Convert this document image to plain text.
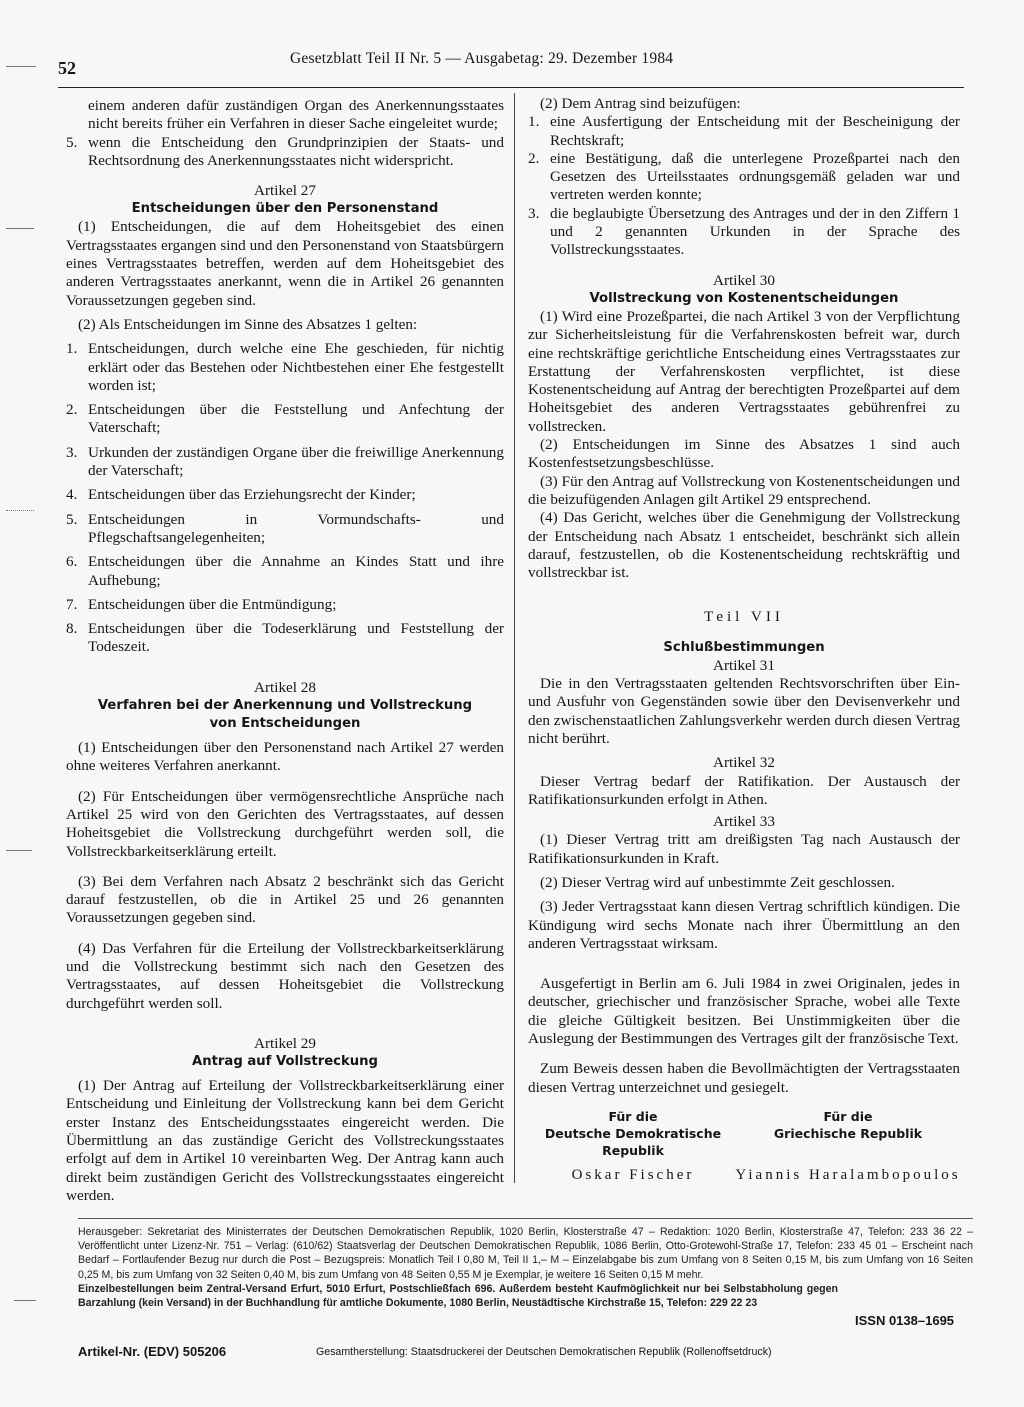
52	Gesetzblatt Teil II Nr. 5 — Ausgabetag: 29. Dezember 1984

einem anderen dafür zuständigen Organ des Anerkennungsstaates nicht bereits früher ein Verfahren in dieser Sache eingeleitet wurde;

5. wenn die Entscheidung den Grundprinzipien der Staats- und Rechtsordnung des Anerkennungsstaates nicht widerspricht.
Artikel 27
Entscheidungen über den Personenstand

(1) Entscheidungen, die auf dem Hoheitsgebiet des einen Vertragsstaates ergangen sind und den Personenstand von Staatsbürgern eines Vertragsstaates betreffen, werden auf dem Hoheitsgebiet des anderen Vertragsstaates anerkannt, wenn die in Artikel 26 genannten Voraussetzungen gegeben sind.

(2) Als Entscheidungen im Sinne des Absatzes 1 gelten:

1. Entscheidungen, durch welche eine Ehe geschieden, für nichtig erklärt oder das Bestehen oder Nichtbestehen einer Ehe festgestellt worden ist;
2. Entscheidungen über die Feststellung und Anfechtung der Vaterschaft;
3. Urkunden der zuständigen Organe über die freiwillige Anerkennung der Vaterschaft;
4. Entscheidungen über das Erziehungsrecht der Kinder;
5. Entscheidungen in Vormundschafts- und Pflegschaftsangelegenheiten;
6. Entscheidungen über die Annahme an Kindes Statt und ihre Aufhebung;
7. Entscheidungen über die Entmündigung;
8. Entscheidungen über die Todeserklärung und Feststellung der Todeszeit.
Artikel 28
Verfahren bei der Anerkennung und Vollstreckung
von Entscheidungen

(1) Entscheidungen über den Personenstand nach Artikel 27 werden ohne weiteres Verfahren anerkannt.

(2) Für Entscheidungen über vermögensrechtliche Ansprüche nach Artikel 25 wird von den Gerichten des Vertragsstaates, auf dessen Hoheitsgebiet die Vollstreckung durchgeführt werden soll, die Vollstreckbarkeitserklärung erteilt.

(3) Bei dem Verfahren nach Absatz 2 beschränkt sich das Gericht darauf festzustellen, ob die in Artikel 25 und 26 genannten Voraussetzungen gegeben sind.

(4) Das Verfahren für die Erteilung der Vollstreckbarkeitserklärung und die Vollstreckung bestimmt sich nach den Gesetzen des Vertragsstaates, auf dessen Hoheitsgebiet die Vollstreckung durchgeführt werden soll.

Artikel 29
Antrag auf Vollstreckung

(1) Der Antrag auf Erteilung der Vollstreckbarkeitserklärung einer Entscheidung und Einleitung der Vollstreckung kann bei dem Gericht erster Instanz des Entscheidungsstaates eingereicht werden. Die Übermittlung an das zuständige Gericht des Vollstreckungsstaates erfolgt auf dem in Artikel 10 vereinbarten Weg. Der Antrag kann auch direkt beim zuständigen Gericht des Vollstreckungsstaates eingereicht werden.

(2) Dem Antrag sind beizufügen:

1. eine Ausfertigung der Entscheidung mit der Bescheinigung der Rechtskraft;
2. eine Bestätigung, daß die unterlegene Prozeßpartei nach den Gesetzen des Urteilsstaates ordnungsgemäß geladen war und vertreten werden konnte;
3. die beglaubigte Übersetzung des Antrages und der in den Ziffern 1 und 2 genannten Urkunden in der Sprache des Vollstreckungsstaates.
Artikel 30
Vollstreckung von Kostenentscheidungen

(1) Wird eine Prozeßpartei, die nach Artikel 3 von der Verpflichtung zur Sicherheitsleistung für die Verfahrenskosten befreit war, durch eine rechtskräftige gerichtliche Entscheidung eines Vertragsstaates zur Erstattung der Verfahrenskosten verpflichtet, ist diese Kostenentscheidung auf Antrag der berechtigten Prozeßpartei auf dem Hoheitsgebiet des anderen Vertragsstaates gebührenfrei zu vollstrecken.

(2) Entscheidungen im Sinne des Absatzes 1 sind auch Kostenfestsetzungsbeschlüsse.

(3) Für den Antrag auf Vollstreckung von Kostenentscheidungen und die beizufügenden Anlagen gilt Artikel 29 entsprechend.

(4) Das Gericht, welches über die Genehmigung der Vollstreckung der Entscheidung nach Absatz 1 entscheidet, beschränkt sich allein darauf, festzustellen, ob die Kostenentscheidung rechtskräftig und vollstreckbar ist.

Teil VII
Schlußbestimmungen
Artikel 31

Die in den Vertragsstaaten geltenden Rechtsvorschriften über Ein- und Ausfuhr von Gegenständen sowie über den Devisenverkehr und den zwischenstaatlichen Zahlungsverkehr werden durch diesen Vertrag nicht berührt.

Artikel 32

Dieser Vertrag bedarf der Ratifikation. Der Austausch der Ratifikationsurkunden erfolgt in Athen.

Artikel 33

(1) Dieser Vertrag tritt am dreißigsten Tag nach Austausch der Ratifikationsurkunden in Kraft.

(2) Dieser Vertrag wird auf unbestimmte Zeit geschlossen.

(3) Jeder Vertragsstaat kann diesen Vertrag schriftlich kündigen. Die Kündigung wird sechs Monate nach ihrer Übermittlung an den anderen Vertragsstaat wirksam.

Ausgefertigt in Berlin am 6. Juli 1984 in zwei Originalen, jedes in deutscher, griechischer und französischer Sprache, wobei alle Texte die gleiche Gültigkeit besitzen. Bei Unstimmigkeiten über die Auslegung der Bestimmungen des Vertrages gilt der französische Text.

Zum Beweis dessen haben die Bevollmächtigten der Vertragsstaaten diesen Vertrag unterzeichnet und gesiegelt.

Für die
Deutsche Demokratische
Republik
Oskar Fischer
Für die
Griechische Republik
Yiannis Haralambopoulos
Herausgeber: Sekretariat des Ministerrates der Deutschen Demokratischen Republik, 1020 Berlin, Klosterstraße 47 – Redaktion: 1020 Berlin, Klosterstraße 47, Telefon: 233 36 22 – Veröffentlicht unter Lizenz-Nr. 751 – Verlag: (610/62) Staatsverlag der Deutschen Demokratischen Republik, 1086 Berlin, Otto-Grotewohl-Straße 17, Telefon: 233 45 01 – Erscheint nach Bedarf – Fortlaufender Bezug nur durch die Post – Bezugspreis: Monatlich Teil I 0,80 M, Teil II 1,– M – Einzelabgabe bis zum Umfang von 8 Seiten 0,15 M, bis zum Umfang von 16 Seiten 0,25 M, bis zum Umfang von 32 Seiten 0,40 M, bis zum Umfang von 48 Seiten 0,55 M je Exemplar, je weitere 16 Seiten 0,15 M mehr.
Einzelbestellungen beim Zentral-Versand Erfurt, 5010 Erfurt, Postschließfach 696. Außerdem besteht Kaufmöglichkeit nur bei Selbstabholung gegen Barzahlung (kein Versand) in der Buchhandlung für amtliche Dokumente, 1080 Berlin, Neustädtische Kirchstraße 15, Telefon: 229 22 23
ISSN 0138–1695
Artikel-Nr. (EDV) 505206	Gesamtherstellung: Staatsdruckerei der Deutschen Demokratischen Republik (Rollenoffsetdruck)
